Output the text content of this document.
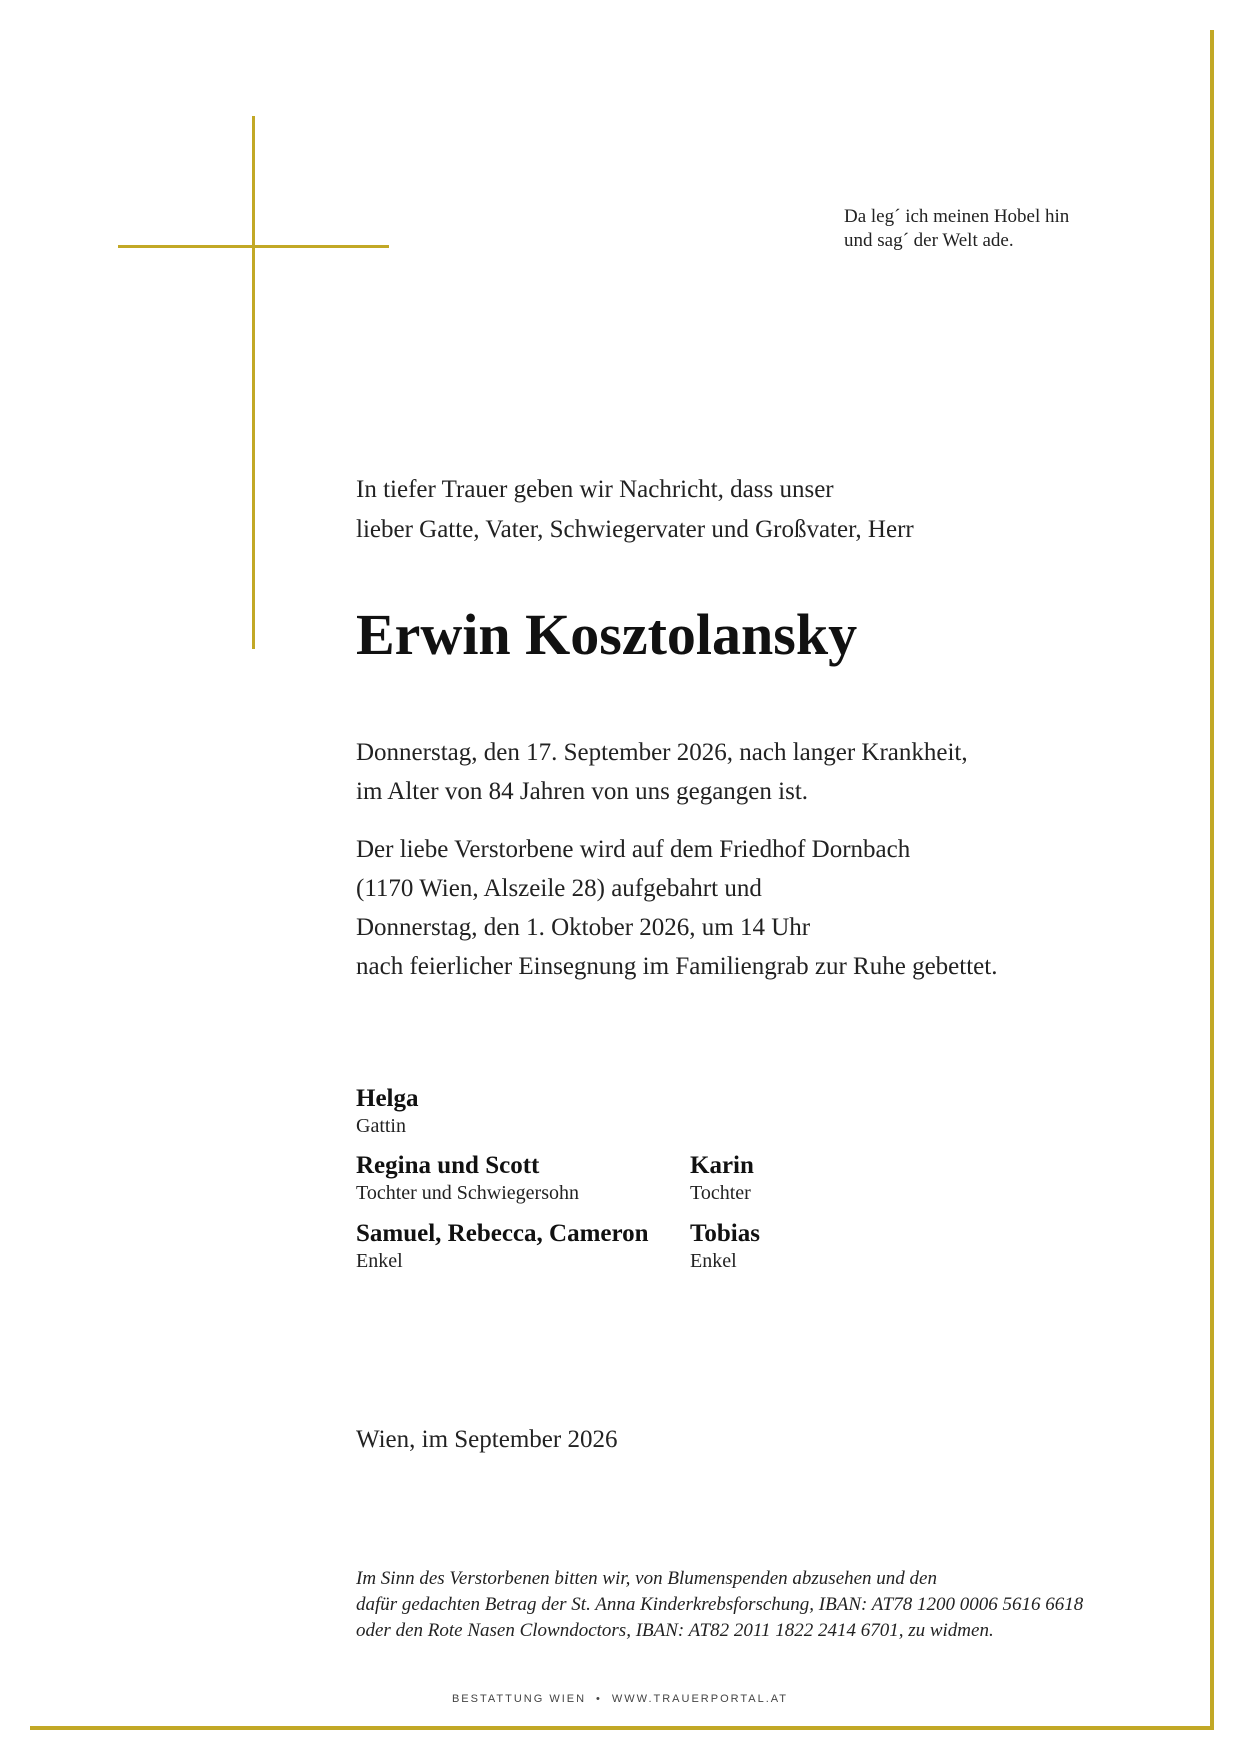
Da leg´ ich meinen Hobel hin
und sag´ der Welt ade.
In tiefer Trauer geben wir Nachricht, dass unser
lieber Gatte, Vater, Schwiegervater und Großvater, Herr
Erwin Kosztolansky
Donnerstag, den 17. September 2026, nach langer Krankheit,
im Alter von 84 Jahren von uns gegangen ist.
Der liebe Verstorbene wird auf dem Friedhof Dornbach
(1170 Wien, Alszeile 28) aufgebahrt und
Donnerstag, den 1. Oktober 2026, um 14 Uhr
nach feierlicher Einsegnung im Familiengrab zur Ruhe gebettet.
Helga
Gattin
Regina und Scott
Tochter und Schwiegersohn
Karin
Tochter
Samuel, Rebecca, Cameron
Enkel
Tobias
Enkel
Wien, im September 2026
Im Sinn des Verstorbenen bitten wir, von Blumenspenden abzusehen und den
dafür gedachten Betrag der St. Anna Kinderkrebsforschung, IBAN: AT78 1200 0006 5616 6618
oder den Rote Nasen Clowndoctors, IBAN: AT82 2011 1822 2414 6701, zu widmen.
BESTATTUNG WIEN • WWW.TRAUERPORTAL.AT
